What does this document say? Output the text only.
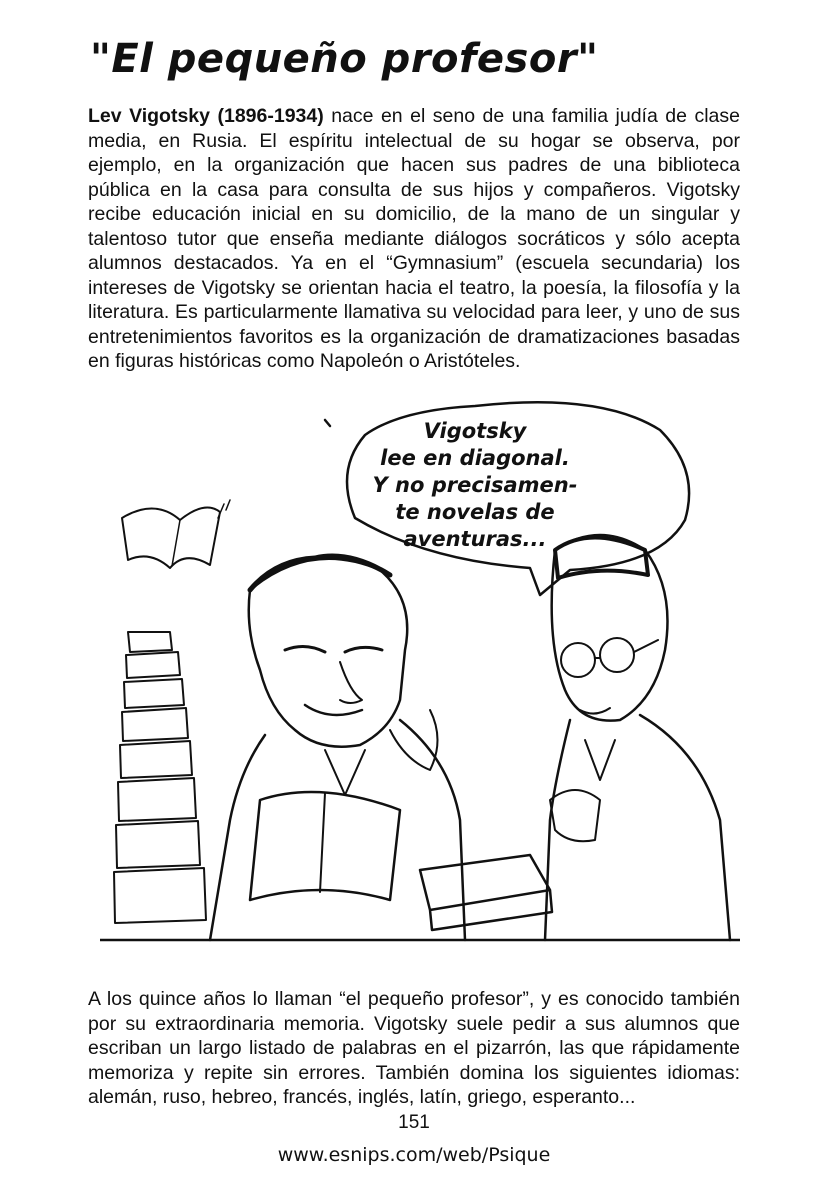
"El pequeño profesor"

Lev Vigotsky (1896-1934) nace en el seno de una familia judía de clase media, en Rusia. El espíritu intelectual de su hogar se observa, por ejemplo, en la organización que hacen sus padres de una biblioteca pública en la casa para consulta de sus hijos y compañeros. Vigotsky recibe educación inicial en su domicilio, de la mano de un singular y talentoso tutor que enseña mediante diálogos socráticos y sólo acepta alumnos destacados. Ya en el “Gymnasium” (escuela secundaria) los intereses de Vigotsky se orientan hacia el teatro, la poesía, la filosofía y la literatura. Es particularmente llamativa su velocidad para leer, y uno de sus entretenimientos favoritos es la organización de dramatizaciones basadas en figuras históricas como Napoleón o Aristóteles.

Vigotsky
lee en diagonal.
Y no precisamen-
te novelas de
aventuras...

A los quince años lo llaman “el pequeño profesor”, y es conocido también por su extraordinaria memoria. Vigotsky suele pedir a sus alumnos que escriban un largo listado de palabras en el pizarrón, las que rápidamente memoriza y repite sin errores. También domina los siguientes idiomas: alemán, ruso, hebreo, francés, inglés, latín, griego, esperanto...

151
www.esnips.com/web/Psique
